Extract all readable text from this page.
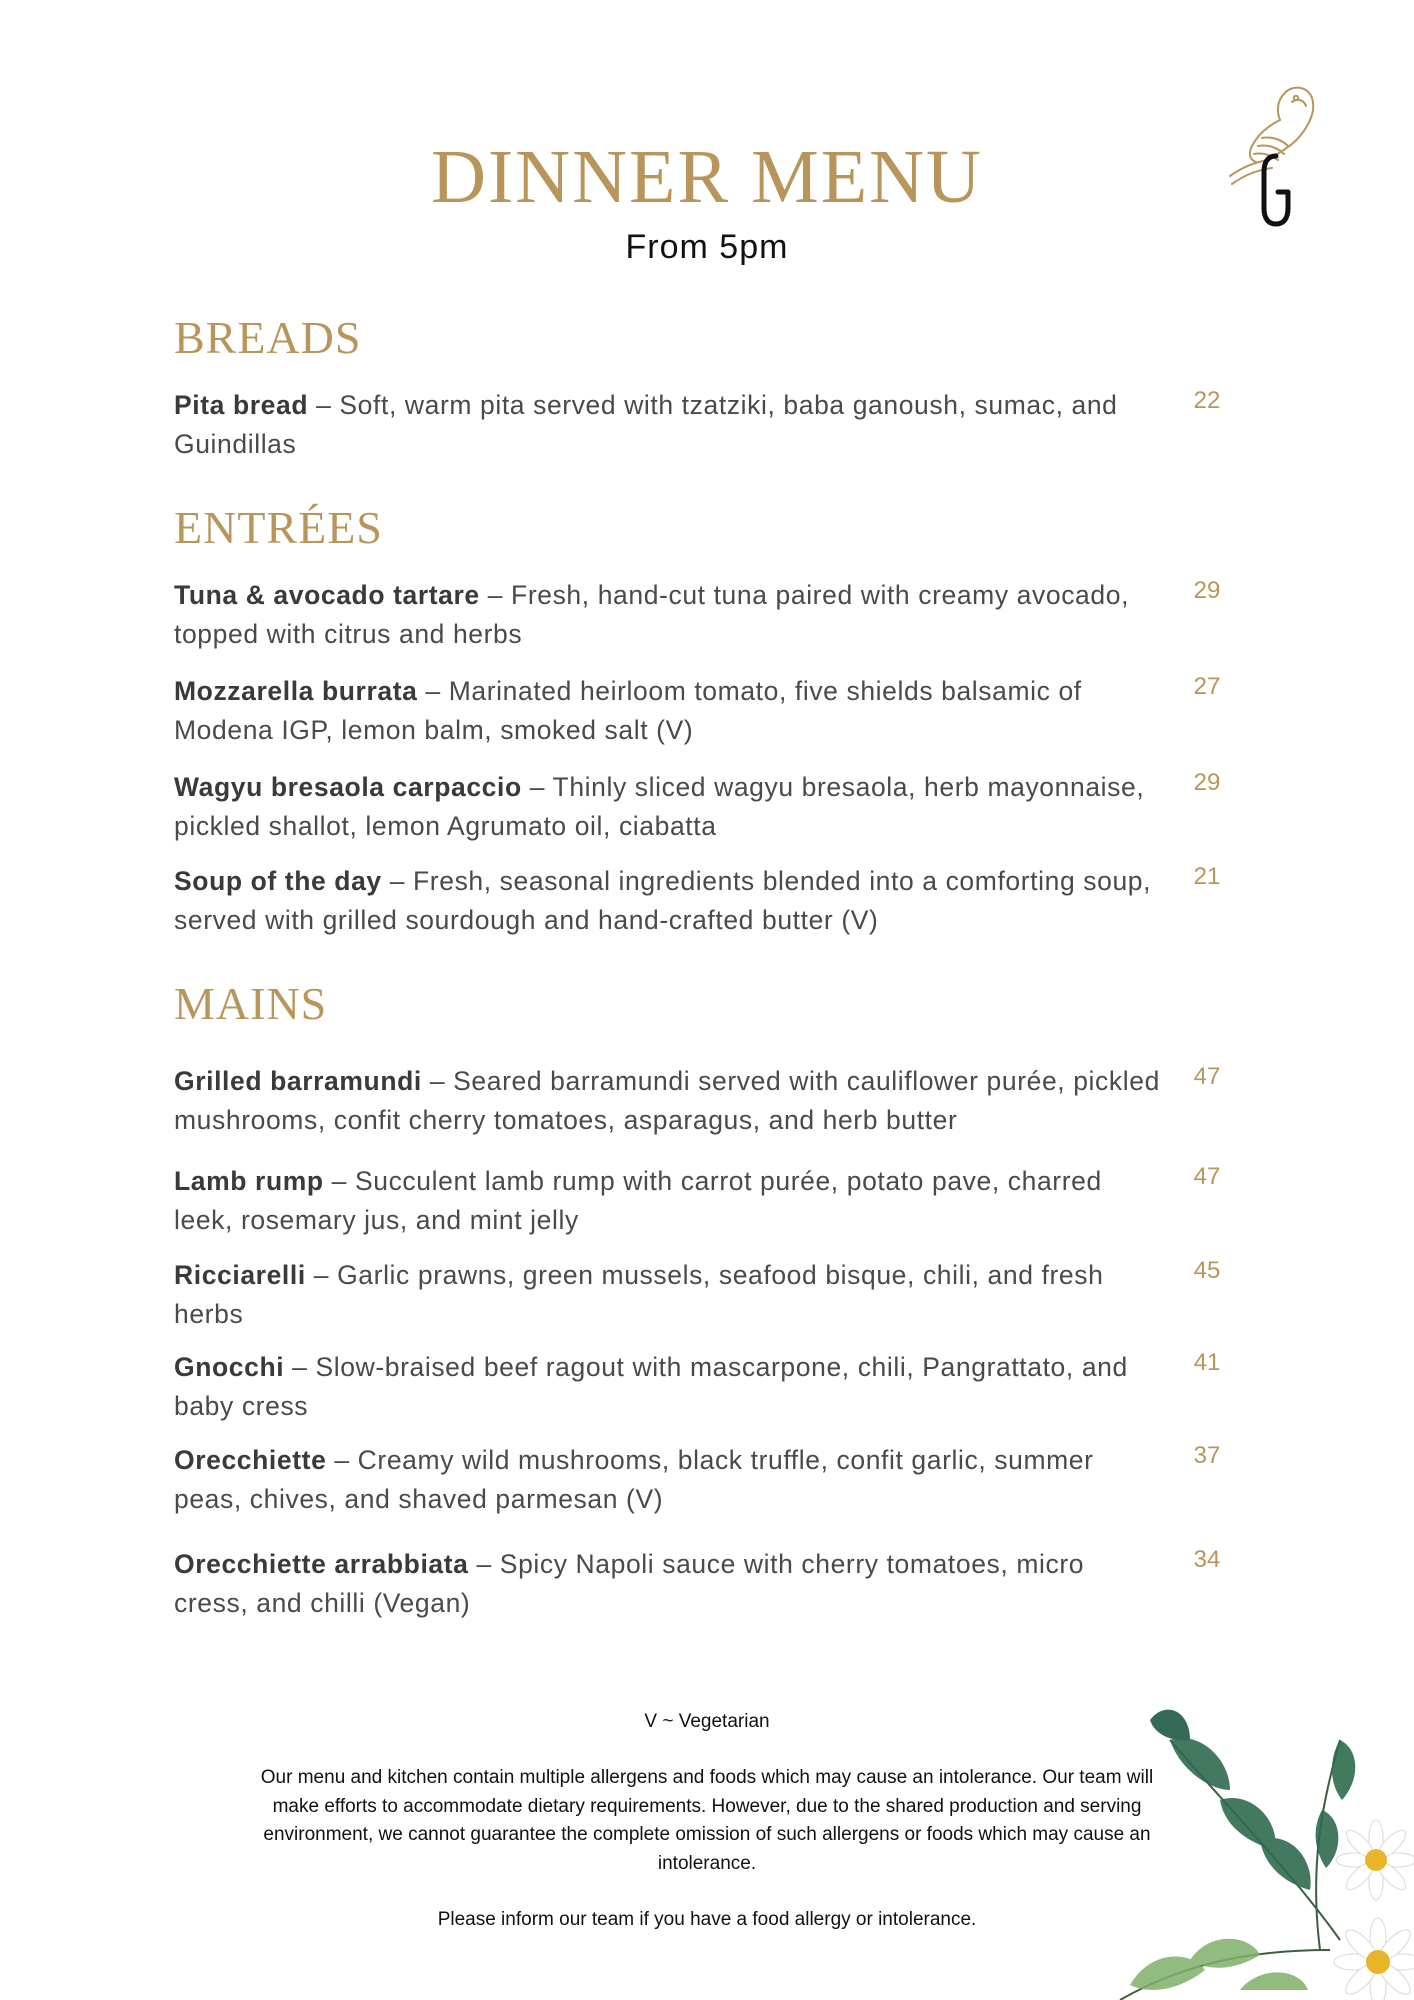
DINNER MENU
From 5pm
BREADS
Pita bread – Soft, warm pita served with tzatziki, baba ganoush, sumac, and Guindillas
22
ENTRÉES
Tuna & avocado tartare – Fresh, hand-cut tuna paired with creamy avocado, topped with citrus and herbs
29
Mozzarella burrata – Marinated heirloom tomato, five shields balsamic of Modena IGP, lemon balm, smoked salt (V)
27
Wagyu bresaola carpaccio – Thinly sliced wagyu bresaola, herb mayonnaise, pickled shallot, lemon Agrumato oil, ciabatta
29
Soup of the day – Fresh, seasonal ingredients blended into a comforting soup, served with grilled sourdough and hand-crafted butter (V)
21
MAINS
Grilled barramundi – Seared barramundi served with cauliflower purée, pickled mushrooms, confit cherry tomatoes, asparagus, and herb butter
47
Lamb rump – Succulent lamb rump with carrot purée, potato pave, charred leek, rosemary jus, and mint jelly
47
Ricciarelli – Garlic prawns, green mussels, seafood bisque, chili, and fresh herbs
45
Gnocchi – Slow-braised beef ragout with mascarpone, chili, Pangrattato, and baby cress
41
Orecchiette – Creamy wild mushrooms, black truffle, confit garlic, summer peas, chives, and shaved parmesan (V)
37
Orecchiette arrabbiata – Spicy Napoli sauce with cherry tomatoes, micro cress, and chilli (Vegan)
34
V ~ Vegetarian
Our menu and kitchen contain multiple allergens and foods which may cause an intolerance. Our team will make efforts to accommodate dietary requirements. However, due to the shared production and serving environment, we cannot guarantee the complete omission of such allergens or foods which may cause an intolerance.
Please inform our team if you have a food allergy or intolerance.
